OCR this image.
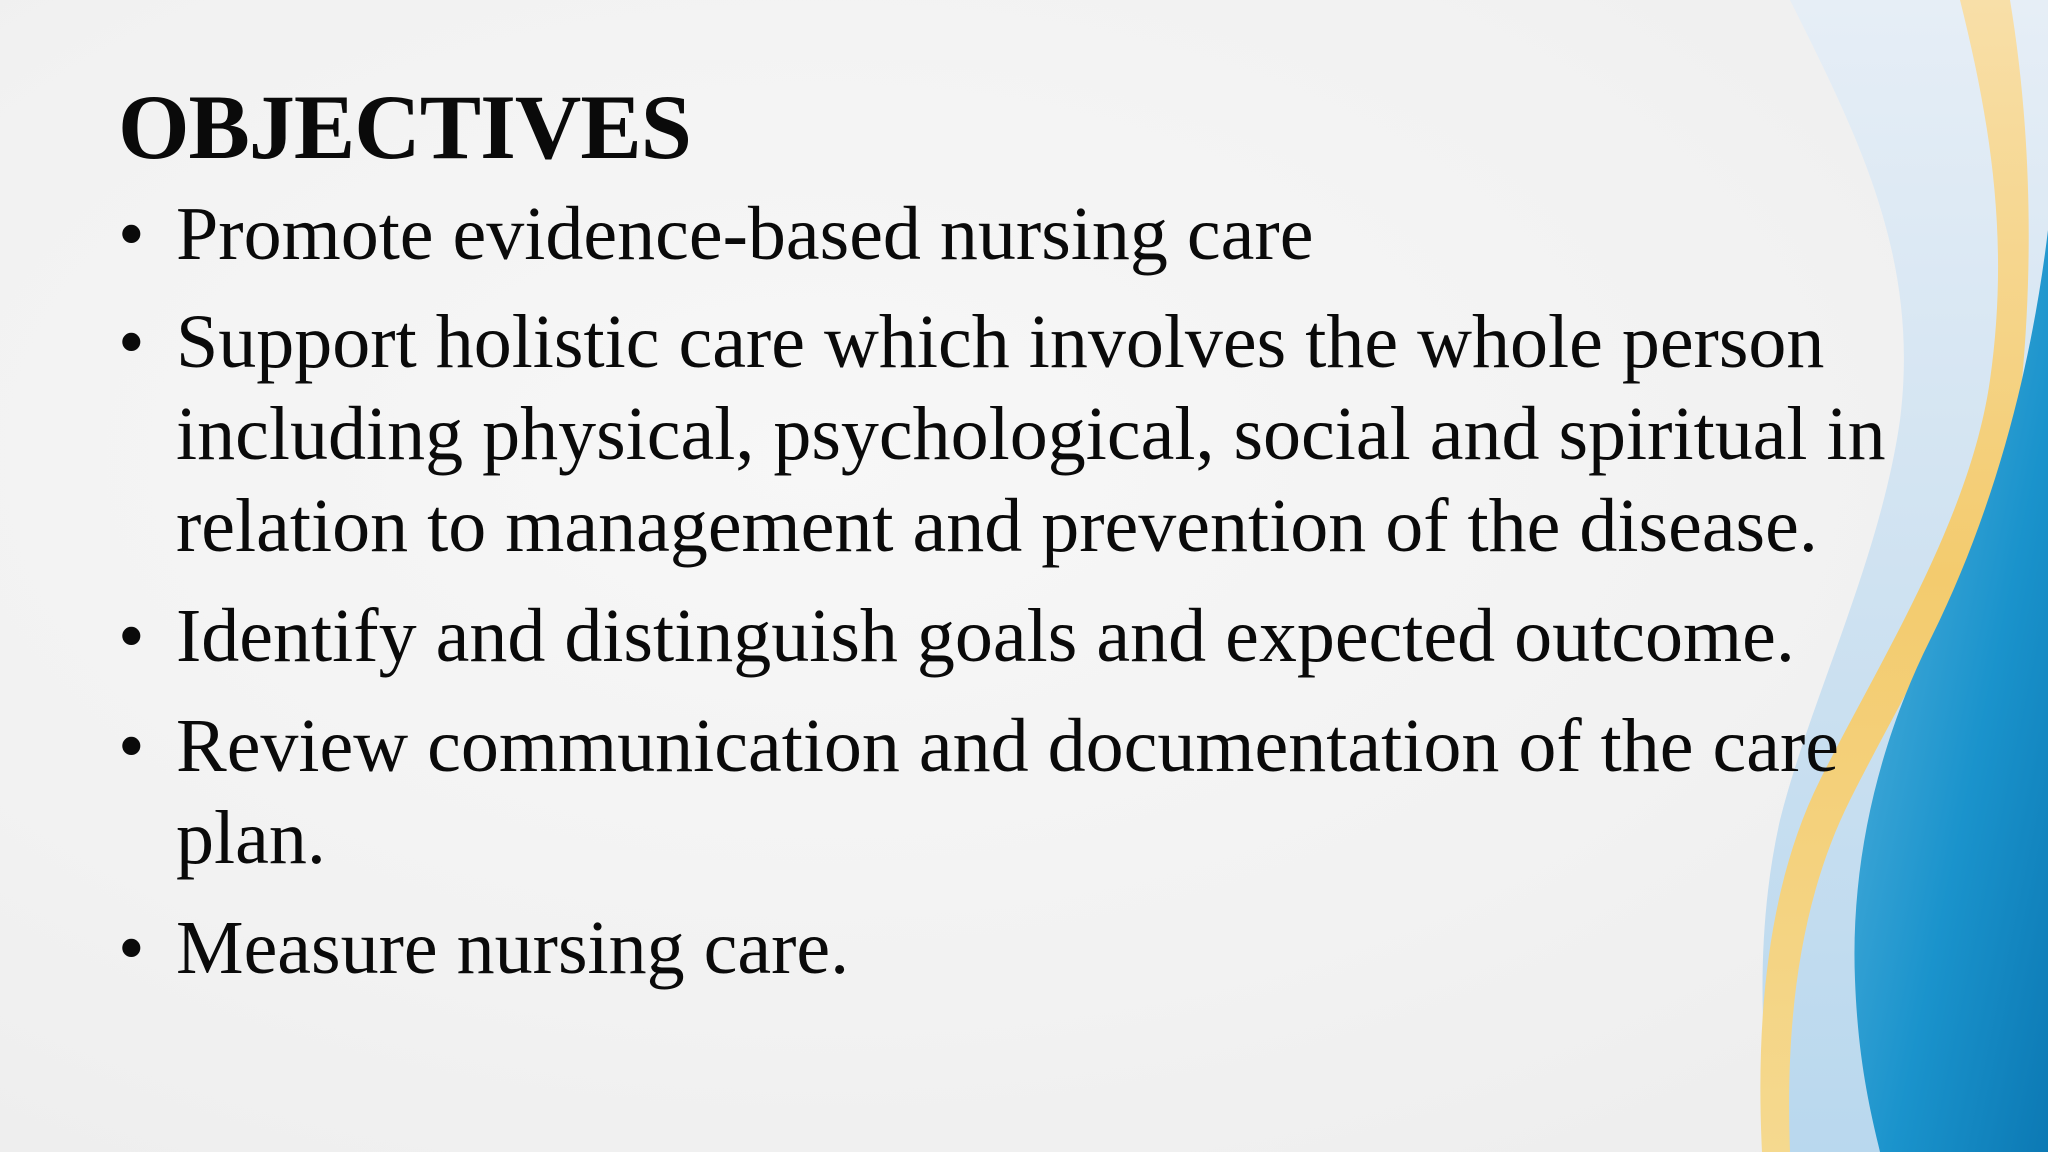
OBJECTIVES
• Promote evidence-based nursing care
• Support holistic care which involves the whole person including physical, psychological, social and spiritual in relation to management and prevention of the disease.
• Identify and distinguish goals and expected outcome.
• Review communication and documentation of the care plan.
• Measure nursing care.
